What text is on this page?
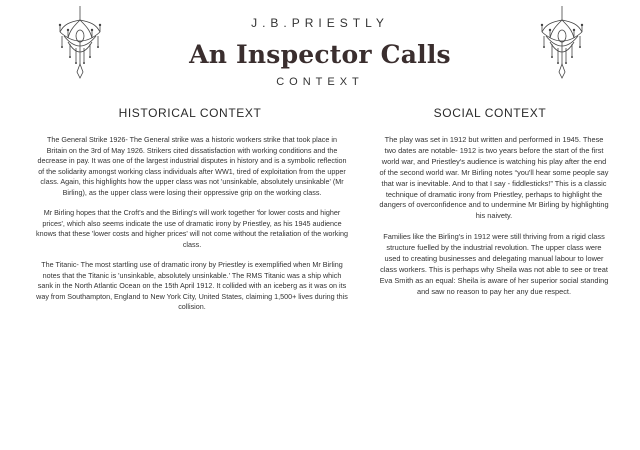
J.B.PRIESTLY
An Inspector Calls
CONTEXT
HISTORICAL CONTEXT

The General Strike 1926- The General strike was a historic workers strike that took place in Britain on the 3rd of May 1926. Strikers cited dissatisfaction with working conditions and the decrease in pay. It was one of the largest industrial disputes in history and is a symbolic reflection of the solidarity amongst working class individuals after WW1, tired of exploitation from the upper class. Again, this highlights how the upper class was not 'unsinkable, absolutely unsinkable' (Mr Birling), as the upper class were losing their oppressive grip on the working class.

Mr Birling hopes that the Croft's and the Birling's will work together 'for lower costs and higher prices', which also seems indicate the use of dramatic irony by Priestley, as his 1945 audience knows that these 'lower costs and higher prices' will not come without the retaliation of the working class.

The Titanic- The most startling use of dramatic irony by Priestley is exemplified when Mr Birling notes that the Titanic is 'unsinkable, absolutely unsinkable.' The RMS Titanic was a ship which sank in the North Atlantic Ocean on the 15th April 1912. It collided with an iceberg as it was on its way from Southampton, England to New York City, United States, claiming 1,500+ lives during this collision.

SOCIAL CONTEXT

The play was set in 1912 but written and performed in 1945. These two dates are notable- 1912 is two years before the start of the first world war, and Priestley's audience is watching his play after the end of the second world war. Mr Birling notes “you'll hear some people say that war is inevitable. And to that I say - fiddlesticks!” This is a classic technique of dramatic irony from Priestley, perhaps to highlight the dangers of overconfidence and to undermine Mr Birling by highlighting his naivety.

Families like the Birling's in 1912 were still thriving from a rigid class structure fuelled by the industrial revolution. The upper class were used to creating businesses and delegating manual labour to lower class workers. This is perhaps why Sheila was not able to see or treat Eva Smith as an equal: Sheila is aware of her superior social standing and saw no reason to pay her any due respect.
